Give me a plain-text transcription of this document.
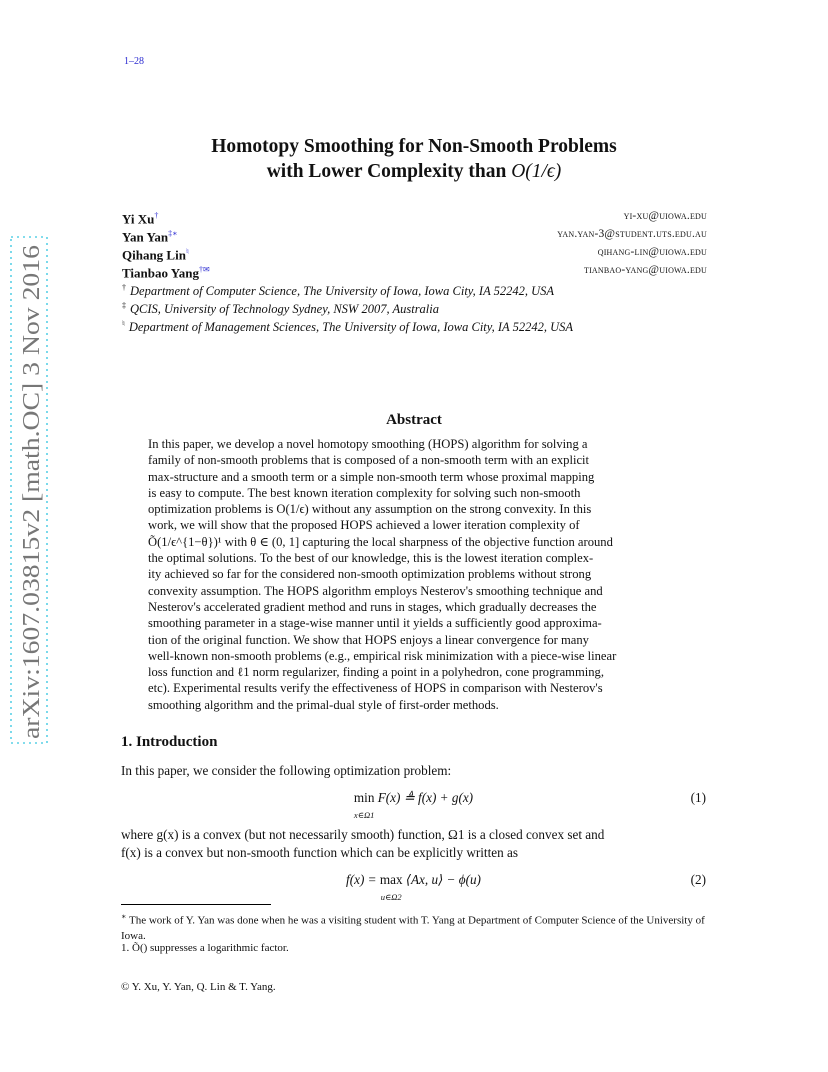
1–28
arXiv:1607.03815v2 [math.OC] 3 Nov 2016
Homotopy Smoothing for Non-Smooth Problems
with Lower Complexity than O(1/ϵ)
Yi Xu†	yi-xu@uiowa.edu
Yan Yan‡∗	yan.yan-3@student.uts.edu.au
Qihang Lin♮	qihang-lin@uiowa.edu
Tianbao Yang†✉	tianbao-yang@uiowa.edu
† Department of Computer Science, The University of Iowa, Iowa City, IA 52242, USA
‡ QCIS, University of Technology Sydney, NSW 2007, Australia
♮ Department of Management Sciences, The University of Iowa, Iowa City, IA 52242, USA
Abstract
In this paper, we develop a novel homotopy smoothing (HOPS) algorithm for solving a
family of non-smooth problems that is composed of a non-smooth term with an explicit
max-structure and a smooth term or a simple non-smooth term whose proximal mapping
is easy to compute. The best known iteration complexity for solving such non-smooth
optimization problems is O(1/ϵ) without any assumption on the strong convexity. In this
work, we will show that the proposed HOPS achieved a lower iteration complexity of
Õ(1/ϵ^{1−θ})¹ with θ ∈ (0, 1] capturing the local sharpness of the objective function around
the optimal solutions. To the best of our knowledge, this is the lowest iteration complex-
ity achieved so far for the considered non-smooth optimization problems without strong
convexity assumption. The HOPS algorithm employs Nesterov's smoothing technique and
Nesterov's accelerated gradient method and runs in stages, which gradually decreases the
smoothing parameter in a stage-wise manner until it yields a sufficiently good approxima-
tion of the original function. We show that HOPS enjoys a linear convergence for many
well-known non-smooth problems (e.g., empirical risk minimization with a piece-wise linear
loss function and ℓ1 norm regularizer, finding a point in a polyhedron, cone programming,
etc). Experimental results verify the effectiveness of HOPS in comparison with Nesterov's
smoothing algorithm and the primal-dual style of first-order methods.
1. Introduction
In this paper, we consider the following optimization problem:
min
x∈Ω1 F(x) ≜ f(x) + g(x)	(1)
where g(x) is a convex (but not necessarily smooth) function, Ω1 is a closed convex set and
f(x) is a convex but non-smooth function which can be explicitly written as
f(x) = max
u∈Ω2 ⟨Ax, u⟩ − ϕ(u)	(2)
∗ The work of Y. Yan was done when he was a visiting student with T. Yang at Department of Computer Science of the University of Iowa.
1. Õ() suppresses a logarithmic factor.
© Y. Xu, Y. Yan, Q. Lin & T. Yang.
